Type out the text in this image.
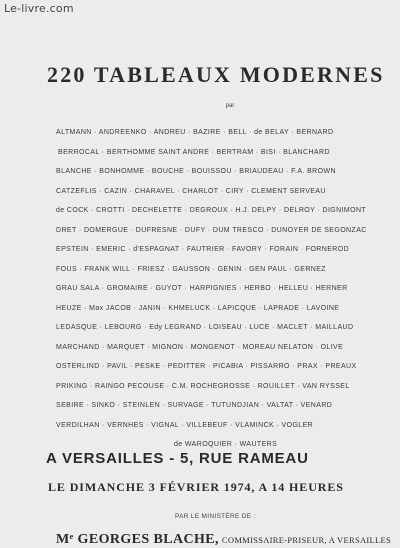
Le-livre.com
220 TABLEAUX MODERNES
par
ALTMANN · ANDREENKO · ANDREU · BAZIRE · BELL · de BELAY · BERNARD
BERROCAL · BERTHOMME SAINT ANDRE · BERTRAM · BISI · BLANCHARD
BLANCHE · BONHOMME · BOUCHE · BOUISSOU · BRIAUDEAU · F.A. BROWN
CATZEFLIS · CAZIN · CHARAVEL · CHARLOT · CIRY · CLEMENT SERVEAU
de COCK · CROTTI · DECHELETTE · DEGROUX · H.J. DELPY · DELROY · DIGNIMONT
DRET · DOMERGUE · DUFRESNE · DUFY · DUM TRESCO · DUNOYER DE SEGONZAC
EPSTEIN · EMERIC · d'ESPAGNAT · FAUTRIER · FAVORY · FORAIN · FORNEROD
FOUS · FRANK WILL · FRIESZ · GAUSSON · GENIN · GEN PAUL · GERNEZ
GRAU SALA · GROMAIRE · GUYOT · HARPIGNIES · HERBO · HELLEU · HERNER
HEUZE · Max JACOB · JANIN · KHMELUCK · LAPICQUE · LAPRADE · LAVOINE
LEDASQUE · LEBOURG · Edy LEGRAND · LOISEAU · LUCE · MACLET · MAILLAUD
MARCHAND · MARQUET · MIGNON · MONGENOT · MOREAU NELATON · OLIVE
OSTERLIND · PAVIL · PESKE · PEDITTER · PICABIA · PISSARRO · PRAX · PREAUX
PRIKING · RAINGO PECOUSE · C.M. ROCHEGROSSE · ROUILLET · VAN RYSSEL
SEBIRE · SINKO · STEINLEN · SURVAGE · TUTUNDJIAN · VALTAT · VENARD
VERDILHAN · VERNHES · VIGNAL · VILLEBEUF · VLAMINCK · VOGLER
de WAROQUIER · WAUTERS
A VERSAILLES - 5, RUE RAMEAU
LE DIMANCHE 3 FÉVRIER 1974, A 14 HEURES
PAR LE MINISTÈRE DE :
Mᵉ GEORGES BLACHE, COMMISSAIRE-PRISEUR, A VERSAILLES
